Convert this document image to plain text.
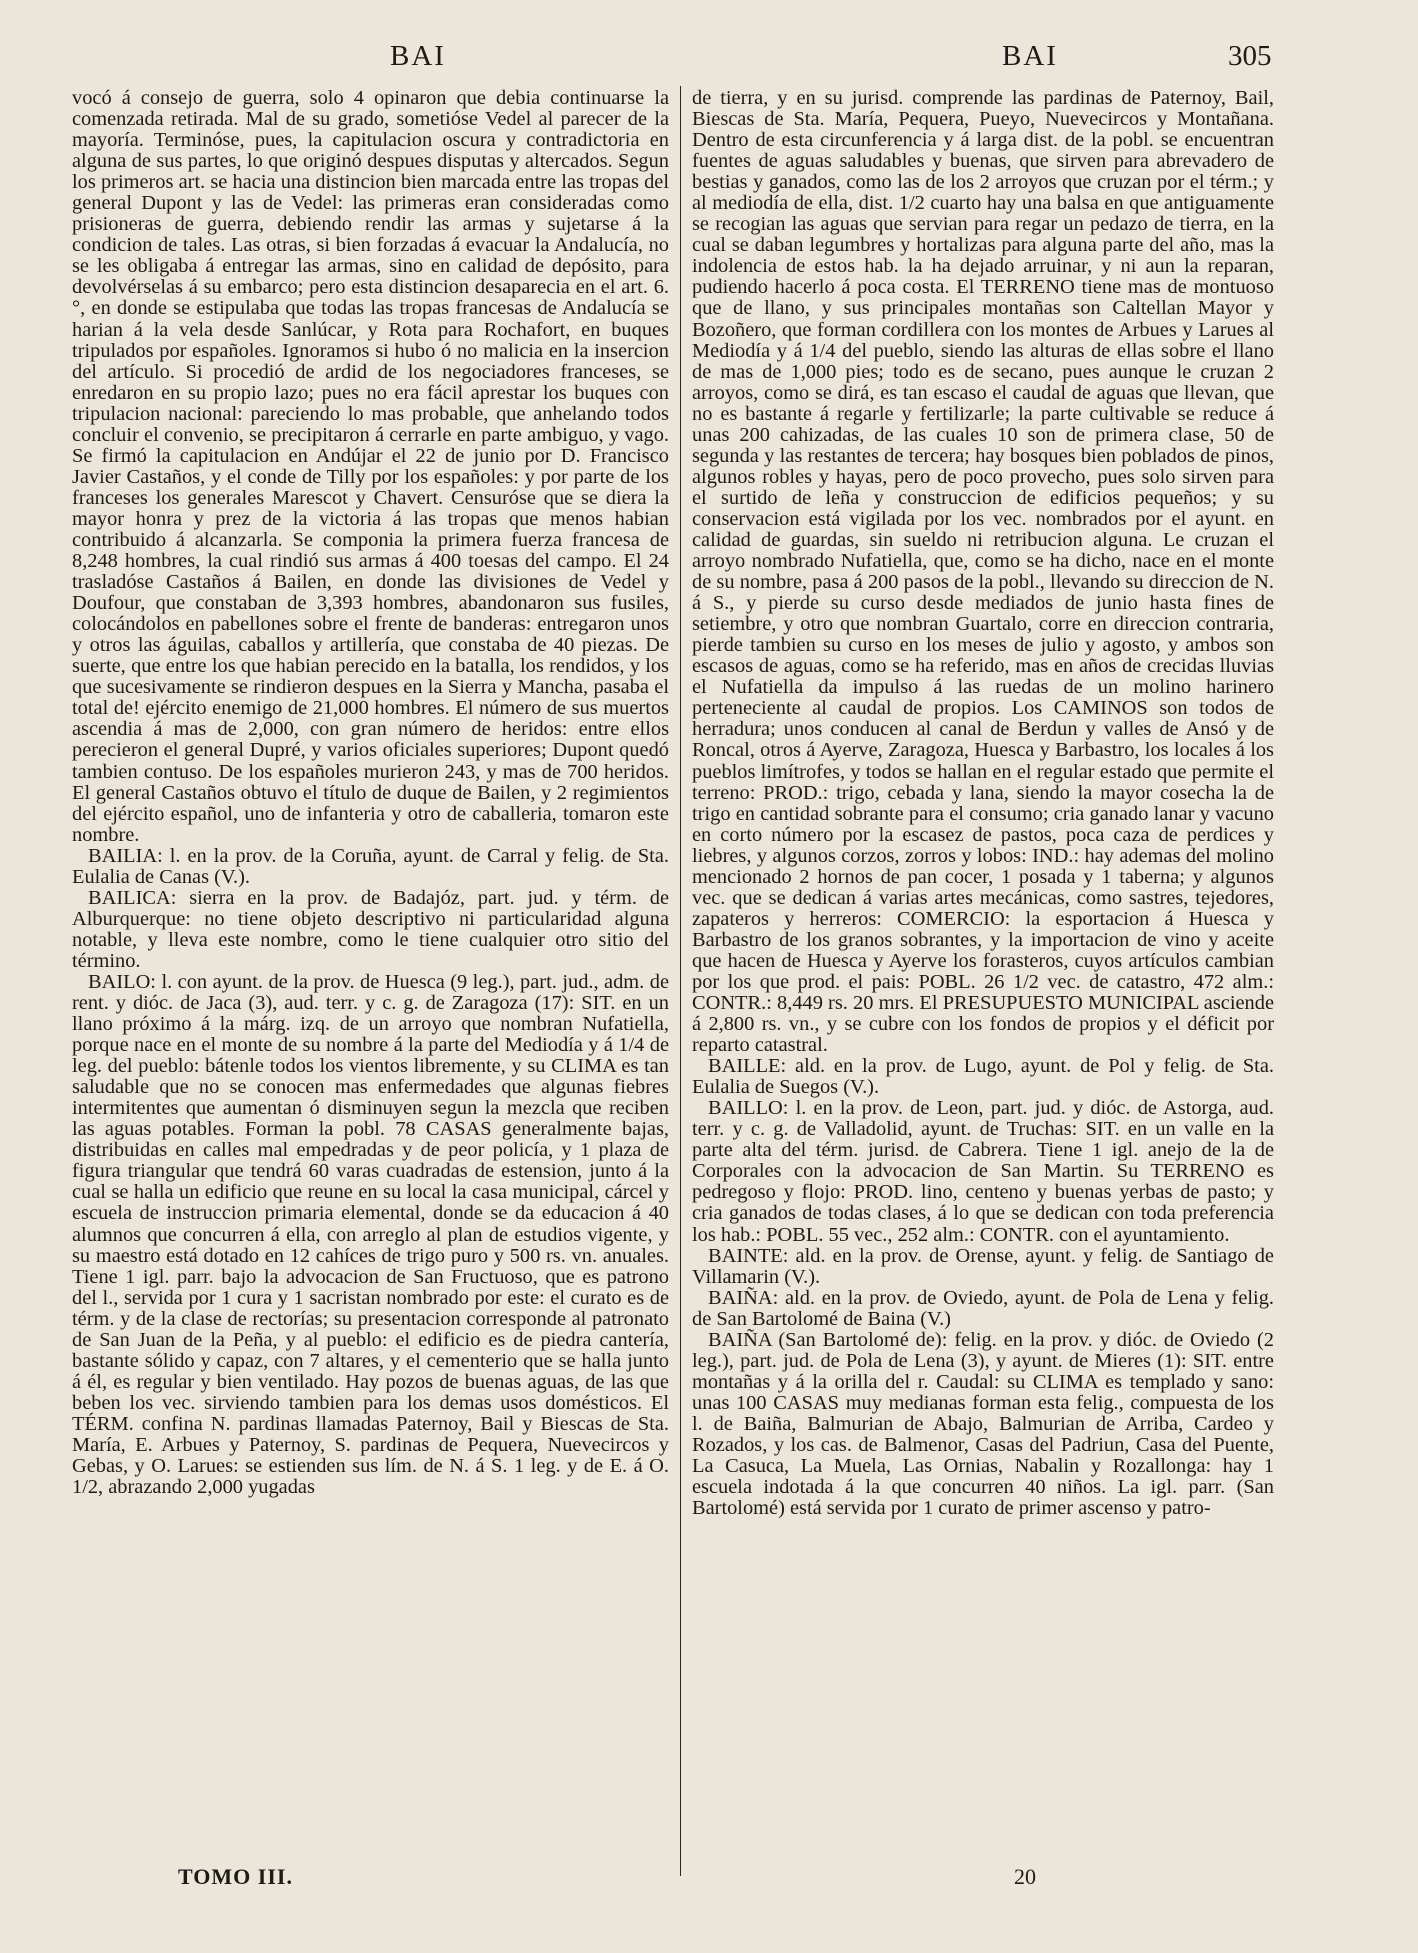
BAI	BAI	305

vocó á consejo de guerra, solo 4 opinaron que debia continuarse la comenzada retirada. Mal de su grado, sometióse Vedel al parecer de la mayoría. Terminóse, pues, la capitulacion oscura y contradictoria en alguna de sus partes, lo que originó despues disputas y altercados. Segun los primeros art. se hacia una distincion bien marcada entre las tropas del general Dupont y las de Vedel: las primeras eran consideradas como prisioneras de guerra, debiendo rendir las armas y sujetarse á la condicion de tales. Las otras, si bien forzadas á evacuar la Andalucía, no se les obligaba á entregar las armas, sino en calidad de depósito, para devolvérselas á su embarco; pero esta distincion desaparecia en el art. 6.°, en donde se estipulaba que todas las tropas francesas de Andalucía se harian á la vela desde Sanlúcar, y Rota para Rochafort, en buques tripulados por españoles. Ignoramos si hubo ó no malicia en la insercion del artículo. Si procedió de ardid de los negociadores franceses, se enredaron en su propio lazo; pues no era fácil aprestar los buques con tripulacion nacional: pareciendo lo mas probable, que anhelando todos concluir el convenio, se precipitaron á cerrarle en parte ambiguo, y vago. Se firmó la capitulacion en Andújar el 22 de junio por D. Francisco Javier Castaños, y el conde de Tilly por los españoles: y por parte de los franceses los generales Marescot y Chavert. Censuróse que se diera la mayor honra y prez de la victoria á las tropas que menos habian contribuido á alcanzarla. Se componia la primera fuerza francesa de 8,248 hombres, la cual rindió sus armas á 400 toesas del campo. El 24 trasladóse Castaños á Bailen, en donde las divisiones de Vedel y Doufour, que constaban de 3,393 hombres, abandonaron sus fusiles, colocándolos en pabellones sobre el frente de banderas: entregaron unos y otros las águilas, caballos y artillería, que constaba de 40 piezas. De suerte, que entre los que habian perecido en la batalla, los rendidos, y los que sucesivamente se rindieron despues en la Sierra y Mancha, pasaba el total de! ejército enemigo de 21,000 hombres. El número de sus muertos ascendia á mas de 2,000, con gran número de heridos: entre ellos perecieron el general Dupré, y varios oficiales superiores; Dupont quedó tambien contuso. De los españoles murieron 243, y mas de 700 heridos. El general Castaños obtuvo el título de duque de Bailen, y 2 regimientos del ejército español, uno de infanteria y otro de caballeria, tomaron este nombre.

BAILIA: l. en la prov. de la Coruña, ayunt. de Carral y felig. de Sta. Eulalia de Canas (V.).

BAILICA: sierra en la prov. de Badajóz, part. jud. y térm. de Alburquerque: no tiene objeto descriptivo ni particularidad alguna notable, y lleva este nombre, como le tiene cualquier otro sitio del término.

BAILO: l. con ayunt. de la prov. de Huesca (9 leg.), part. jud., adm. de rent. y dióc. de Jaca (3), aud. terr. y c. g. de Zaragoza (17): SIT. en un llano próximo á la márg. izq. de un arroyo que nombran Nufatiella, porque nace en el monte de su nombre á la parte del Mediodía y á 1/4 de leg. del pueblo: bátenle todos los vientos libremente, y su CLIMA es tan saludable que no se conocen mas enfermedades que algunas fiebres intermitentes que aumentan ó disminuyen segun la mezcla que reciben las aguas potables. Forman la pobl. 78 CASAS generalmente bajas, distribuidas en calles mal empedradas y de peor policía, y 1 plaza de figura triangular que tendrá 60 varas cuadradas de estension, junto á la cual se halla un edificio que reune en su local la casa municipal, cárcel y escuela de instruccion primaria elemental, donde se da educacion á 40 alumnos que concurren á ella, con arreglo al plan de estudios vigente, y su maestro está dotado en 12 cahíces de trigo puro y 500 rs. vn. anuales. Tiene 1 igl. parr. bajo la advocacion de San Fructuoso, que es patrono del l., servida por 1 cura y 1 sacristan nombrado por este: el curato es de térm. y de la clase de rectorías; su presentacion corresponde al patronato de San Juan de la Peña, y al pueblo: el edificio es de piedra cantería, bastante sólido y capaz, con 7 altares, y el cementerio que se halla junto á él, es regular y bien ventilado. Hay pozos de buenas aguas, de las que beben los vec. sirviendo tambien para los demas usos domésticos. El TÉRM. confina N. pardinas llamadas Paternoy, Bail y Biescas de Sta. María, E. Arbues y Paternoy, S. pardinas de Pequera, Nuevecircos y Gebas, y O. Larues: se estienden sus lím. de N. á S. 1 leg. y de E. á O. 1/2, abrazando 2,000 yugadas

de tierra, y en su jurisd. comprende las pardinas de Paternoy, Bail, Biescas de Sta. María, Pequera, Pueyo, Nuevecircos y Montañana. Dentro de esta circunferencia y á larga dist. de la pobl. se encuentran fuentes de aguas saludables y buenas, que sirven para abrevadero de bestias y ganados, como las de los 2 arroyos que cruzan por el térm.; y al mediodía de ella, dist. 1/2 cuarto hay una balsa en que antiguamente se recogian las aguas que servian para regar un pedazo de tierra, en la cual se daban legumbres y hortalizas para alguna parte del año, mas la indolencia de estos hab. la ha dejado arruinar, y ni aun la reparan, pudiendo hacerlo á poca costa. El TERRENO tiene mas de montuoso que de llano, y sus principales montañas son Caltellan Mayor y Bozoñero, que forman cordillera con los montes de Arbues y Larues al Mediodía y á 1/4 del pueblo, siendo las alturas de ellas sobre el llano de mas de 1,000 pies; todo es de secano, pues aunque le cruzan 2 arroyos, como se dirá, es tan escaso el caudal de aguas que llevan, que no es bastante á regarle y fertilizarle; la parte cultivable se reduce á unas 200 cahizadas, de las cuales 10 son de primera clase, 50 de segunda y las restantes de tercera; hay bosques bien poblados de pinos, algunos robles y hayas, pero de poco provecho, pues solo sirven para el surtido de leña y construccion de edificios pequeños; y su conservacion está vigilada por los vec. nombrados por el ayunt. en calidad de guardas, sin sueldo ni retribucion alguna. Le cruzan el arroyo nombrado Nufatiella, que, como se ha dicho, nace en el monte de su nombre, pasa á 200 pasos de la pobl., llevando su direccion de N. á S., y pierde su curso desde mediados de junio hasta fines de setiembre, y otro que nombran Guartalo, corre en direccion contraria, pierde tambien su curso en los meses de julio y agosto, y ambos son escasos de aguas, como se ha referido, mas en años de crecidas lluvias el Nufatiella da impulso á las ruedas de un molino harinero perteneciente al caudal de propios. Los CAMINOS son todos de herradura; unos conducen al canal de Berdun y valles de Ansó y de Roncal, otros á Ayerve, Zaragoza, Huesca y Barbastro, los locales á los pueblos limítrofes, y todos se hallan en el regular estado que permite el terreno: PROD.: trigo, cebada y lana, siendo la mayor cosecha la de trigo en cantidad sobrante para el consumo; cria ganado lanar y vacuno en corto número por la escasez de pastos, poca caza de perdices y liebres, y algunos corzos, zorros y lobos: IND.: hay ademas del molino mencionado 2 hornos de pan cocer, 1 posada y 1 taberna; y algunos vec. que se dedican á varias artes mecánicas, como sastres, tejedores, zapateros y herreros: COMERCIO: la esportacion á Huesca y Barbastro de los granos sobrantes, y la importacion de vino y aceite que hacen de Huesca y Ayerve los forasteros, cuyos artículos cambian por los que prod. el pais: POBL. 26 1/2 vec. de catastro, 472 alm.: CONTR.: 8,449 rs. 20 mrs. El PRESUPUESTO MUNICIPAL asciende á 2,800 rs. vn., y se cubre con los fondos de propios y el déficit por reparto catastral.

BAILLE: ald. en la prov. de Lugo, ayunt. de Pol y felig. de Sta. Eulalia de Suegos (V.).

BAILLO: l. en la prov. de Leon, part. jud. y dióc. de Astorga, aud. terr. y c. g. de Valladolid, ayunt. de Truchas: SIT. en un valle en la parte alta del térm. jurisd. de Cabrera. Tiene 1 igl. anejo de la de Corporales con la advocacion de San Martin. Su TERRENO es pedregoso y flojo: PROD. lino, centeno y buenas yerbas de pasto; y cria ganados de todas clases, á lo que se dedican con toda preferencia los hab.: POBL. 55 vec., 252 alm.: CONTR. con el ayuntamiento.

BAINTE: ald. en la prov. de Orense, ayunt. y felig. de Santiago de Villamarin (V.).

BAIÑA: ald. en la prov. de Oviedo, ayunt. de Pola de Lena y felig. de San Bartolomé de Baina (V.)

BAIÑA (San Bartolomé de): felig. en la prov. y dióc. de Oviedo (2 leg.), part. jud. de Pola de Lena (3), y ayunt. de Mieres (1): SIT. entre montañas y á la orilla del r. Caudal: su CLIMA es templado y sano: unas 100 CASAS muy medianas forman esta felig., compuesta de los l. de Baiña, Balmurian de Abajo, Balmurian de Arriba, Cardeo y Rozados, y los cas. de Balmenor, Casas del Padriun, Casa del Puente, La Casuca, La Muela, Las Ornias, Nabalin y Rozallonga: hay 1 escuela indotada á la que concurren 40 niños. La igl. parr. (San Bartolomé) está servida por 1 curato de primer ascenso y patro-

TOMO III.	20
